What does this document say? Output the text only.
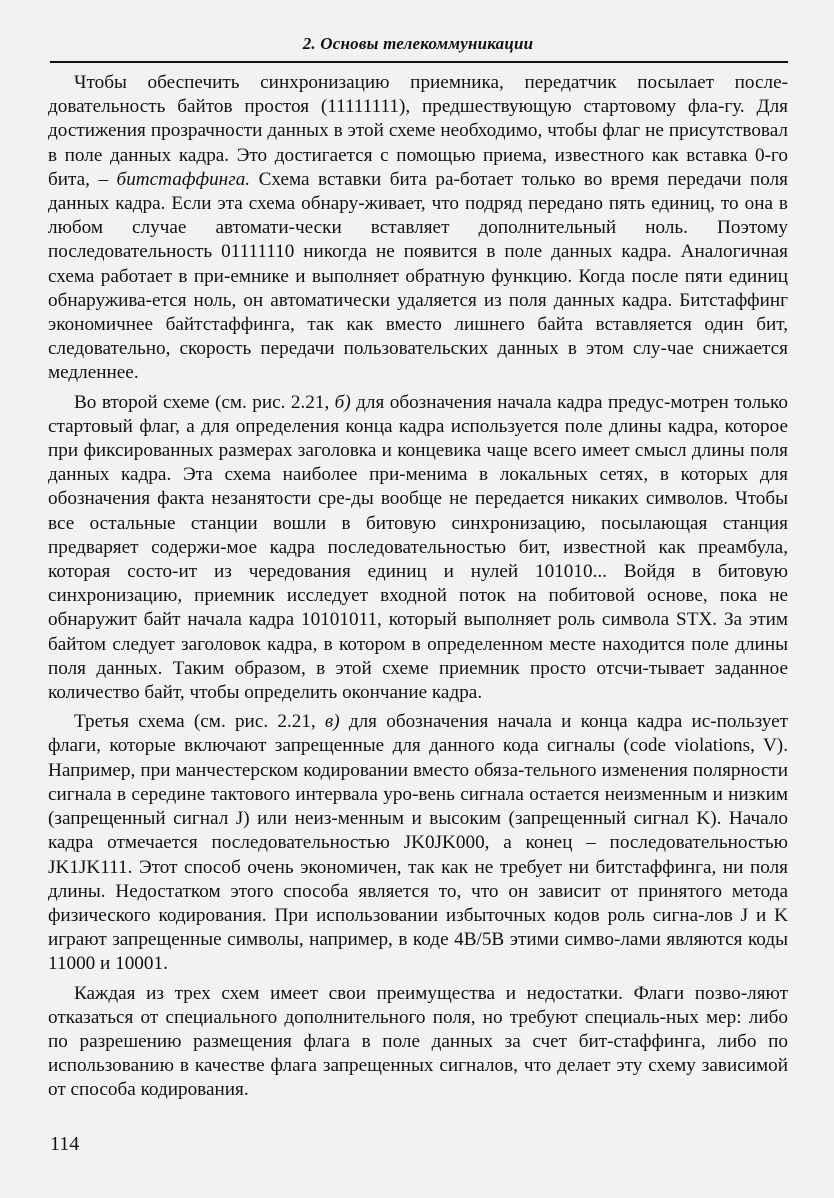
2. Основы телекоммуникации

Чтобы обеспечить синхронизацию приемника, передатчик посылает после-довательность байтов простоя (11111111), предшествующую стартовому фла-гу. Для достижения прозрачности данных в этой схеме необходимо, чтобы флаг не присутствовал в поле данных кадра. Это достигается с помощью приема, известного как вставка 0-го бита, – битстаффинга. Схема вставки бита ра-ботает только во время передачи поля данных кадра. Если эта схема обнару-живает, что подряд передано пять единиц, то она в любом случае автомати-чески вставляет дополнительный ноль. Поэтому последовательность 01111110 никогда не появится в поле данных кадра. Аналогичная схема работает в при-емнике и выполняет обратную функцию. Когда после пяти единиц обнаружива-ется ноль, он автоматически удаляется из поля данных кадра. Битстаффинг экономичнее байтстаффинга, так как вместо лишнего байта вставляется один бит, следовательно, скорость передачи пользовательских данных в этом слу-чае снижается медленнее.

Во второй схеме (см. рис. 2.21, б) для обозначения начала кадра предус-мотрен только стартовый флаг, а для определения конца кадра используется поле длины кадра, которое при фиксированных размерах заголовка и концевика чаще всего имеет смысл длины поля данных кадра. Эта схема наиболее при-менима в локальных сетях, в которых для обозначения факта незанятости сре-ды вообще не передается никаких символов. Чтобы все остальные станции вошли в битовую синхронизацию, посылающая станция предваряет содержи-мое кадра последовательностью бит, известной как преамбула, которая состо-ит из чередования единиц и нулей 101010... Войдя в битовую синхронизацию, приемник исследует входной поток на побитовой основе, пока не обнаружит байт начала кадра 10101011, который выполняет роль символа STX. За этим байтом следует заголовок кадра, в котором в определенном месте находится поле длины поля данных. Таким образом, в этой схеме приемник просто отсчи-тывает заданное количество байт, чтобы определить окончание кадра.

Третья схема (см. рис. 2.21, в) для обозначения начала и конца кадра ис-пользует флаги, которые включают запрещенные для данного кода сигналы (code violations, V). Например, при манчестерском кодировании вместо обяза-тельного изменения полярности сигнала в середине тактового интервала уро-вень сигнала остается неизменным и низким (запрещенный сигнал J) или неиз-менным и высоким (запрещенный сигнал K). Начало кадра отмечается последовательностью JK0JK000, а конец – последовательностью JK1JK111. Этот способ очень экономичен, так как не требует ни битстаффинга, ни поля длины. Недостатком этого способа является то, что он зависит от принятого метода физического кодирования. При использовании избыточных кодов роль сигна-лов J и K играют запрещенные символы, например, в коде 4B/5B этими симво-лами являются коды 11000 и 10001.

Каждая из трех схем имеет свои преимущества и недостатки. Флаги позво-ляют отказаться от специального дополнительного поля, но требуют специаль-ных мер: либо по разрешению размещения флага в поле данных за счет бит-стаффинга, либо по использованию в качестве флага запрещенных сигналов, что делает эту схему зависимой от способа кодирования.

114
